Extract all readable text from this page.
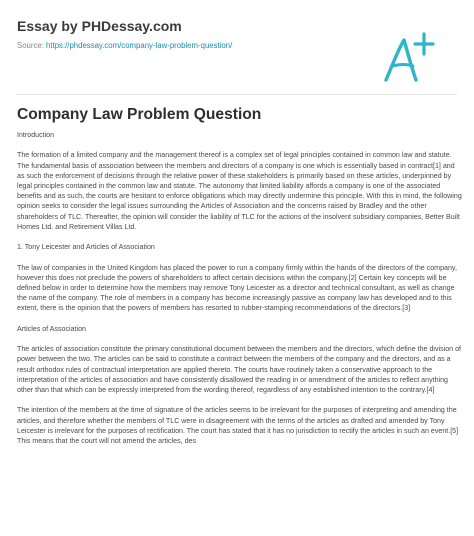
Essay by PHDessay.com
Source: https://phdessay.com/company-law-problem-question/
Company Law Problem Question

Introduction

The formation of a limited company and the management thereof is a complex set of legal principles contained in common law and statute. The fundamental basis of association between the members and directors of a company is one which is essentially based in contract[1] and as such the enforcement of decisions through the relative power of these stakeholders is primarily based on these articles, underpinned by legal principles contained in the common law and statute. The autonomy that limited liability affords a company is one of the associated benefits and as such, the courts are hesitant to enforce obligations which may directly undermine this principle. With this in mind, the following opinion seeks to consider the legal issues surrounding the Articles of Association and the concerns raised by Bradley and the other shareholders of TLC. Thereafter, the opinion will consider the liability of TLC for the actions of the insolvent subsidiary companies, Better Built Homes Ltd. and Retirement Villas Ltd.

1. Tony Leicester and Articles of Association

The law of companies in the United Kingdom has placed the power to run a company firmly within the hands of the directors of the company, however this does not preclude the powers of shareholders to affect certain decisions within the company.[2] Certain key concepts will be defined below in order to determine how the members may remove Tony Leicester as a director and technical consultant, as well as change the name of the company. The role of members in a company has become increasingly passive as company law has developed and to this extent, there is the opinion that the powers of members has resorted to rubber-stamping recommendations of the directors.[3]

Articles of Association

The articles of association constitute the primary constitutional document between the members and the directors, which define the division of power between the two. The articles can be said to constitute a contract between the members of the company and the directors, and as a result orthodox rules of contractual interpretation are applied thereto. The courts have routinely taken a conservative approach to the interpretation of the articles of association and have consistently disallowed the reading in or amendment of the articles to reflect anything other than that which can be expressly interpreted from the wording thereof, regardless of any established intention to the contrary.[4]

The intention of the members at the time of signature of the articles seems to be irrelevant for the purposes of interpreting and amending the articles, and therefore whether the members of TLC were in disagreement with the terms of the articles as drafted and amended by Tony Leicester is irrelevant for the purposes of rectification. The court has stated that it has no jurisdiction to rectify the articles in such an event.[5] This means that the court will not amend the articles, des
